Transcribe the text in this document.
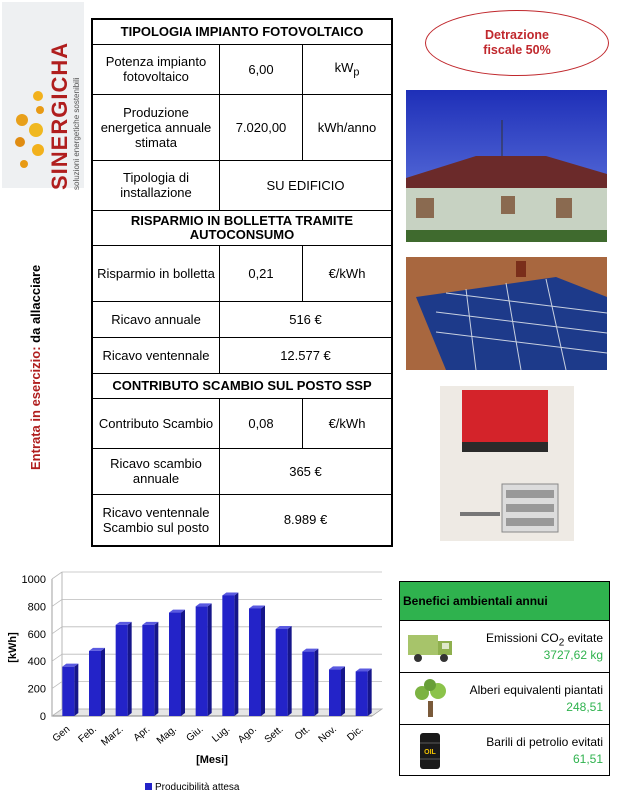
SINERGICHA soluzioni energetiche sostenibili
Entrata in esercizio: da allacciare
TIPOLOGIA IMPIANTO FOTOVOLTAICO		
Potenza impianto fotovoltaico	6,00	$kW_p$
Produzione energetica annuale stimata	7.020,00	kWh/anno
Tipologia di installazione	SU EDIFICIO	
RISPARMIO IN BOLLETTA TRAMITE AUTOCONSUMO		
Risparmio in bolletta	0,21	€/kWh
Ricavo annuale	516 €	
Ricavo ventennale	12.577 €	
CONTRIBUTO SCAMBIO SUL POSTO SSP		
Contributo Scambio	0,08	€/kWh
Ricavo scambio annuale	365 €	
Ricavo ventennale Scambio sul posto	8.989 €	
Detrazione
fiscale 50%
0
200
400
600
800
1000
Gen Feb. Marz. Apr. Mag. Giu. Lug. Ago. Sett. Ott. Nov. Dic.
[kWh]
[Mesi]
Producibilità attesa
Benefici ambientali annui
Emissioni $CO_2$ evitate
3727,62 kg
Alberi equivalenti piantati
248,51
OIL
Barili di petrolio evitati
61,51
